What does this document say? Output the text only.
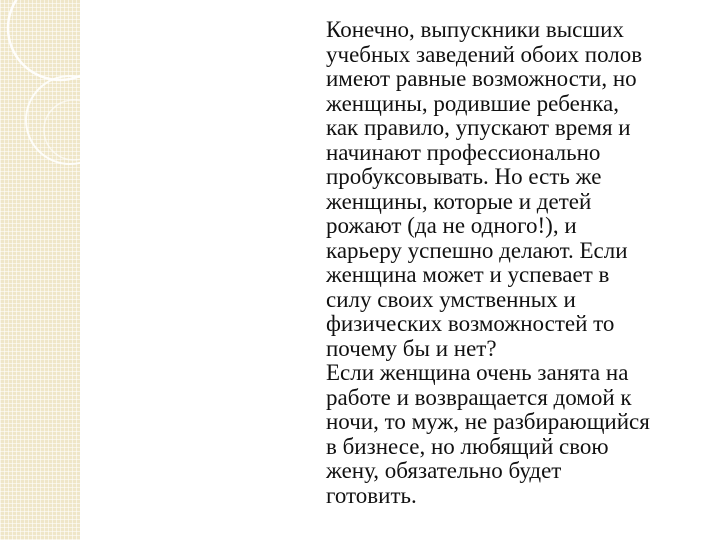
Конечно, выпускники высших
учебных заведений обоих полов
имеют равные возможности, но
женщины, родившие ребенка,
как правило, упускают время и
начинают профессионально
пробуксовывать. Но есть же
женщины, которые и детей
рожают (да не одного!), и
карьеру успешно делают. Если
женщина может и успевает в
силу своих умственных и
физических возможностей то
почему бы и нет?

Если женщина очень занята на
работе и возвращается домой к
ночи, то муж, не разбирающийся
в бизнесе, но любящий свою
жену, обязательно будет
готовить.
